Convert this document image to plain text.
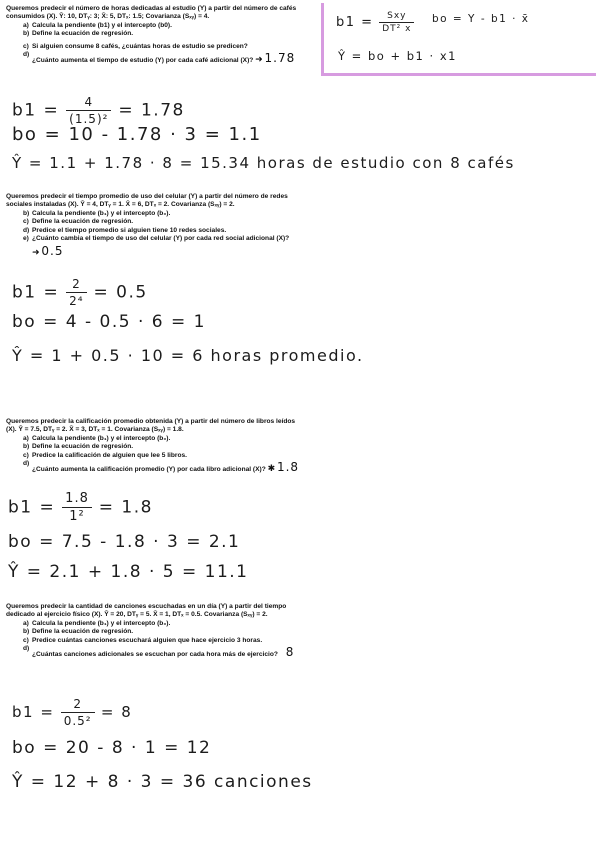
$b1 = \frac{\text{Sxy}}{\text{DT² x}}$ bo = Y - b1 · x̄
Ŷ = bo + b1 · x1

Queremos predecir el número de horas dedicadas al estudio (Y) a partir del número de cafés consumidos (X). Ȳ: 10, DTᵧ: 3; X̄: 5, DTₓ: 1.5; Covarianza (Sₓᵧ) = 4.

a) Calcula la pendiente (b1) y el intercepto (b0).
b) Define la ecuación de regresión.
c) Si alguien consume 8 cafés, ¿cuántas horas de estudio se predicen?
d)
¿Cuánto aumenta el tiempo de estudio (Y) por cada café adicional (X)? ➜ 1.78
$b1 = \frac{4}{\text{(1.5)²}} = 1.78$
bo = 10 - 1.78 · 3 = 1.1
Ŷ = 1.1 + 1.78 · 8 = 15.34 horas de estudio con 8 cafés

Queremos predecir el tiempo promedio de uso del celular (Y) a partir del número de redes sociales instaladas (X). Ȳ = 4, DTᵧ = 1. X̄ = 6, DTₓ = 2. Covarianza (Sₓᵧ) = 2.

b) Calcula la pendiente (b₁) y el intercepto (b₀).
c) Define la ecuación de regresión.
d) Predice el tiempo promedio si alguien tiene 10 redes sociales.
e) ¿Cuánto cambia el tiempo de uso del celular (Y) por cada red social adicional (X)? ➜ 0.5
$b1 = \frac{2}{\text{2⁴}} = 0.5$
bo = 4 - 0.5 · 6 = 1
Ŷ = 1 + 0.5 · 10 = 6 horas promedio.

Queremos predecir la calificación promedio obtenida (Y) a partir del número de libros leídos (X). Ȳ = 7.5, DTᵧ = 2. X̄ = 3, DTₓ = 1. Covarianza (Sₓᵧ) = 1.8.

a) Calcula la pendiente (b₁) y el intercepto (b₀).
b) Define la ecuación de regresión.
c) Predice la calificación de alguien que lee 5 libros.
d)
¿Cuánto aumenta la calificación promedio (Y) por cada libro adicional (X)? ✱ 1.8
$b1 = \frac{1.8}{\text{1²}} = 1.8$
bo = 7.5 - 1.8 · 3 = 2.1
Ŷ = 2.1 + 1.8 · 5 = 11.1

Queremos predecir la cantidad de canciones escuchadas en un día (Y) a partir del tiempo dedicado al ejercicio físico (X). Ȳ = 20, DTᵧ = 5. X̄ = 1, DTₓ = 0.5. Covarianza (Sₓᵧ) = 2.

a) Calcula la pendiente (b₁) y el intercepto (b₀).
b) Define la ecuación de regresión.
c) Predice cuántas canciones escuchará alguien que hace ejercicio 3 horas.
d)
¿Cuántas canciones adicionales se escuchan por cada hora más de ejercicio? 8
$b1 = \frac{2}{\text{0.5²}} = 8$
bo = 20 - 8 · 1 = 12
Ŷ = 12 + 8 · 3 = 36 canciones
